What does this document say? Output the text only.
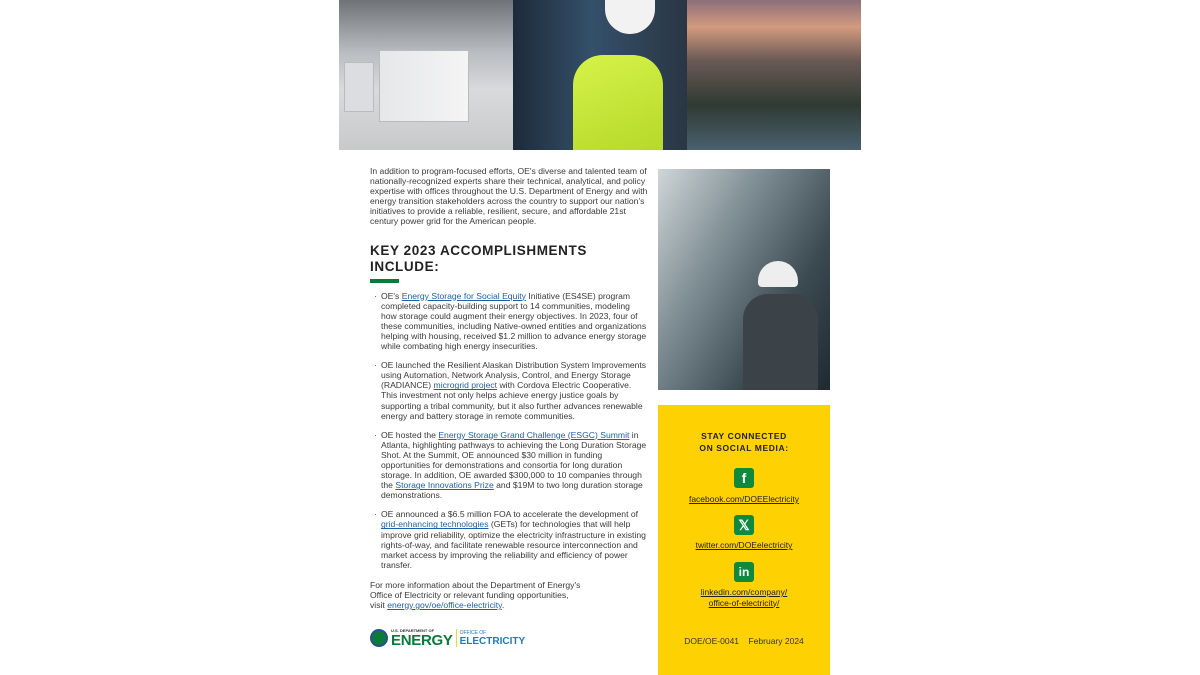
In addition to program-focused efforts, OE's diverse and talented team of nationally-recognized experts share their technical, analytical, and policy expertise with offices throughout the U.S. Department of Energy and with energy transition stakeholders across the country to support our nation's initiatives to provide a reliable, resilient, secure, and affordable 21st century power grid for the American people.

KEY 2023 ACCOMPLISHMENTS INCLUDE:

· OE's Energy Storage for Social Equity Initiative (ES4SE) program completed capacity-building support to 14 communities, modeling how storage could augment their energy objectives. In 2023, four of these communities, including Native-owned entities and organizations helping with housing, received $1.2 million to advance energy storage while combating high energy insecurities.

· OE launched the Resilient Alaskan Distribution System Improvements using Automation, Network Analysis, Control, and Energy Storage (RADIANCE) microgrid project with Cordova Electric Cooperative. This investment not only helps achieve energy justice goals by supporting a tribal community, but it also further advances renewable energy and battery storage in remote communities.

· OE hosted the Energy Storage Grand Challenge (ESGC) Summit in Atlanta, highlighting pathways to achieving the Long Duration Storage Shot. At the Summit, OE announced $30 million in funding opportunities for demonstrations and consortia for long duration storage. In addition, OE awarded $300,000 to 10 companies through the Storage Innovations Prize and $19M to two long duration storage demonstrations.

· OE announced a $6.5 million FOA to accelerate the development of grid-enhancing technologies (GETs) for technologies that will help improve grid reliability, optimize the electricity infrastructure in existing rights-of-way, and facilitate renewable resource interconnection and market access by improving the reliability and efficiency of power transfer.

For more information about the Department of Energy's Office of Electricity or relevant funding opportunities, visit energy.gov/oe/office-electricity.

U.S. DEPARTMENT OF
ENERGY OFFICE OF
ELECTRICITY
STAY CONNECTED
ON SOCIAL MEDIA:
f
facebook.com/DOEElectricity
𝕏
twitter.com/DOEelectricity
in
linkedin.com/company/
office-of-electricity/
DOE/OE-0041 February 2024
